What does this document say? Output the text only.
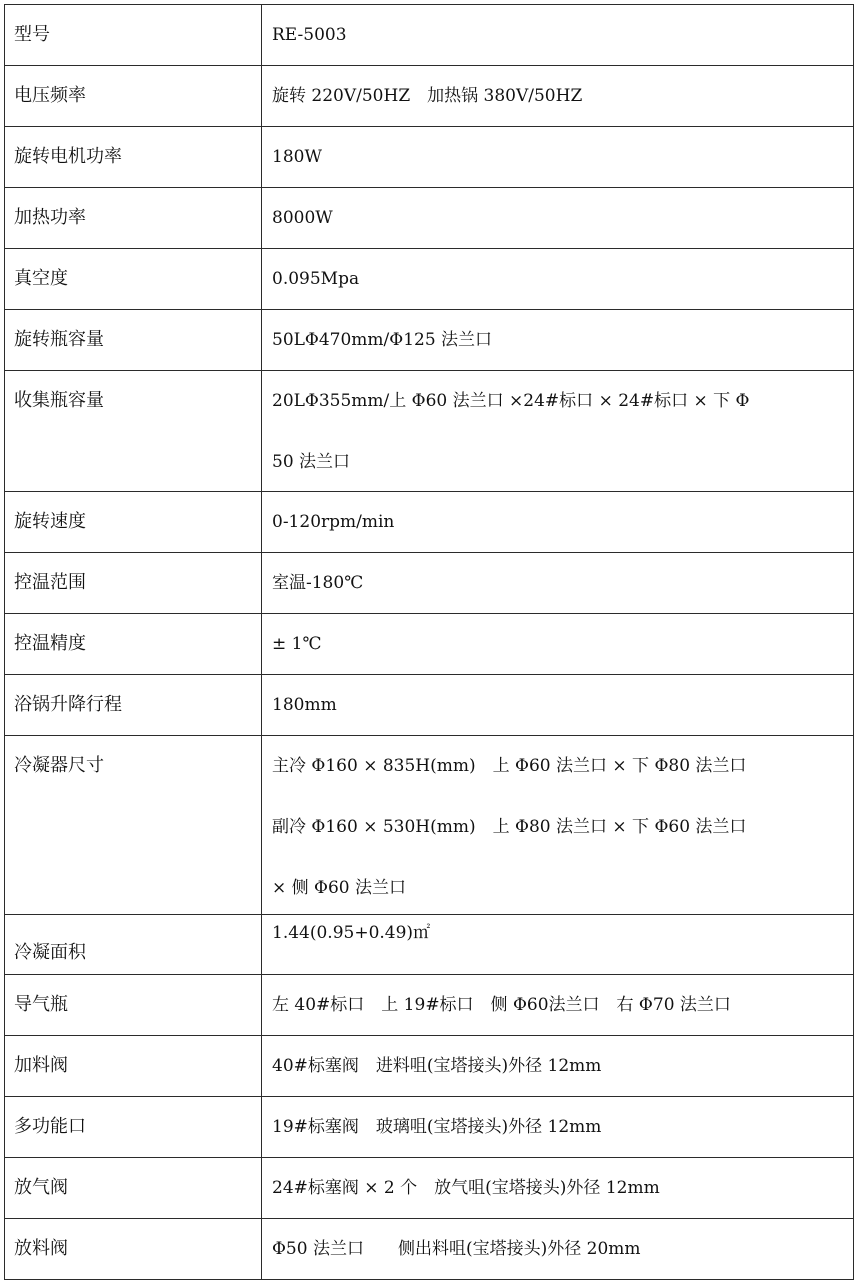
型号	RE-5003

电压频率	旋转 220V/50HZ　加热锅 380V/50HZ

旋转电机功率	180W

加热功率	8000W

真空度	0.095Mpa

旋转瓶容量	50LΦ470mm/Φ125 法兰口

收集瓶容量	20LΦ355mm/上 Φ60 法兰口 ×24#标口 × 24#标口 × 下 Φ
50 法兰口

旋转速度	0-120rpm/min

控温范围	室温-180℃

控温精度	± 1℃

浴锅升降行程	180mm

冷凝器尺寸	主冷 Φ160 × 835H(mm)　上 Φ60 法兰口 × 下 Φ80 法兰口
副冷 Φ160 × 530H(mm)　上 Φ80 法兰口 × 下 Φ60 法兰口
× 侧 Φ60 法兰口

冷凝面积	1.44(0.95+0.49)㎡

导气瓶	左 40#标口　上 19#标口　侧 Φ60法兰口　右 Φ70 法兰口

加料阀	40#标塞阀　进料咀(宝塔接头)外径 12mm

多功能口	19#标塞阀　玻璃咀(宝塔接头)外径 12mm

放气阀	24#标塞阀 × 2 个　放气咀(宝塔接头)外径 12mm

放料阀	Φ50 法兰口　　侧出料咀(宝塔接头)外径 20mm
